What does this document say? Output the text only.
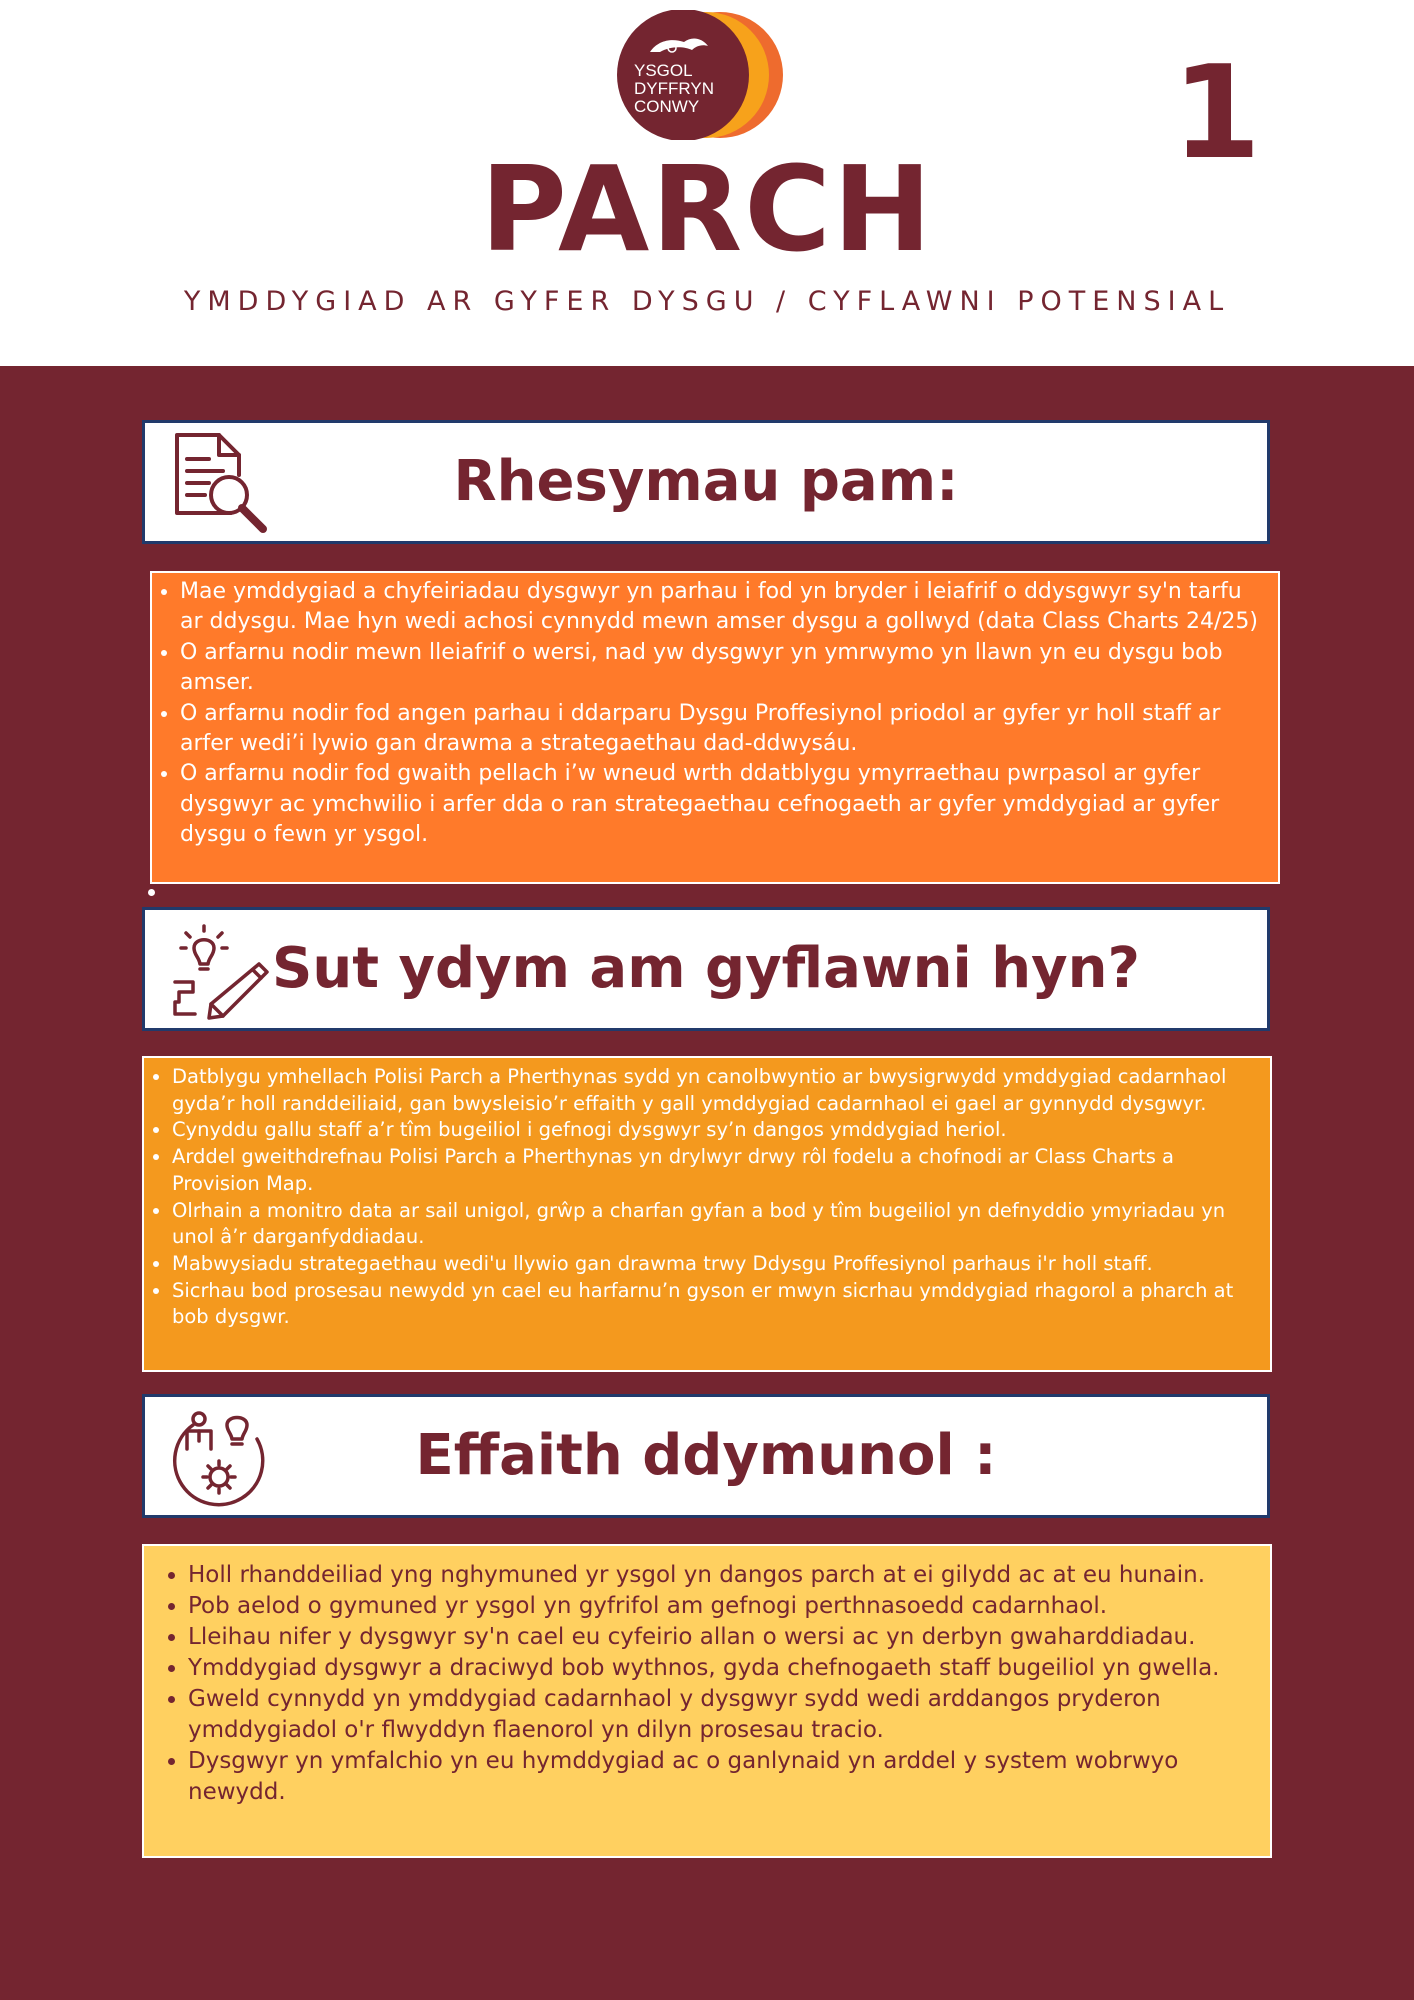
YSGOL
DYFFRYN
CONWY	1
PARCH
YMDDYGIAD AR GYFER DYSGU / CYFLAWNI POTENSIAL
Rhesymau pam:
• Mae ymddygiad a chyfeiriadau dysgwyr yn parhau i fod yn bryder i leiafrif o ddysgwyr sy'n tarfu ar ddysgu. Mae hyn wedi achosi cynnydd mewn amser dysgu a gollwyd (data Class Charts 24/25)
• O arfarnu nodir mewn lleiafrif o wersi, nad yw dysgwyr yn ymrwymo yn llawn yn eu dysgu bob amser.
• O arfarnu nodir fod angen parhau i ddarparu Dysgu Proffesiynol priodol ar gyfer yr holl staff ar arfer wedi’i lywio gan drawma a strategaethau dad-ddwysáu.
• O arfarnu nodir fod gwaith pellach i’w wneud wrth ddatblygu ymyrraethau pwrpasol ar gyfer dysgwyr ac ymchwilio i arfer dda o ran strategaethau cefnogaeth ar gyfer ymddygiad ar gyfer dysgu o fewn yr ysgol.
Sut ydym am gyflawni hyn?
• Datblygu ymhellach Polisi Parch a Pherthynas sydd yn canolbwyntio ar bwysigrwydd ymddygiad cadarnhaol gyda’r holl randdeiliaid, gan bwysleisio’r effaith y gall ymddygiad cadarnhaol ei gael ar gynnydd dysgwyr.
• Cynyddu gallu staff a’r tîm bugeiliol i gefnogi dysgwyr sy’n dangos ymddygiad heriol.
• Arddel gweithdrefnau Polisi Parch a Pherthynas yn drylwyr drwy rôl fodelu a chofnodi ar Class Charts a Provision Map.
• Olrhain a monitro data ar sail unigol, grŵp a charfan gyfan a bod y tîm bugeiliol yn defnyddio ymyriadau yn unol â’r darganfyddiadau.
• Mabwysiadu strategaethau wedi'u llywio gan drawma trwy Ddysgu Proffesiynol parhaus i'r holl staff.
• Sicrhau bod prosesau newydd yn cael eu harfarnu’n gyson er mwyn sicrhau ymddygiad rhagorol a pharch at bob dysgwr.
Effaith ddymunol :
• Holl rhanddeiliad yng nghymuned yr ysgol yn dangos parch at ei gilydd ac at eu hunain.
• Pob aelod o gymuned yr ysgol yn gyfrifol am gefnogi perthnasoedd cadarnhaol.
• Lleihau nifer y dysgwyr sy'n cael eu cyfeirio allan o wersi ac yn derbyn gwaharddiadau.
• Ymddygiad dysgwyr a draciwyd bob wythnos, gyda chefnogaeth staff bugeiliol yn gwella.
• Gweld cynnydd yn ymddygiad cadarnhaol y dysgwyr sydd wedi arddangos pryderon ymddygiadol o'r flwyddyn flaenorol yn dilyn prosesau tracio.
• Dysgwyr yn ymfalchio yn eu hymddygiad ac o ganlynaid yn arddel y system wobrwyo newydd.
